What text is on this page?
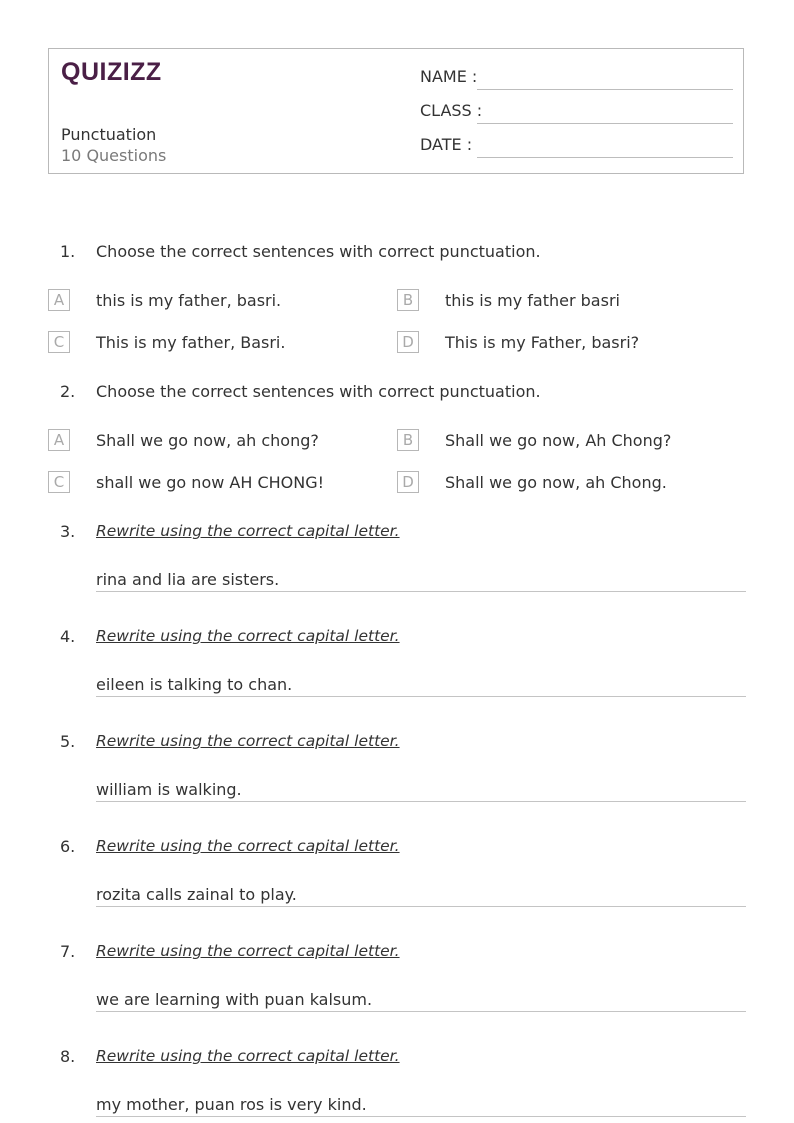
QUIZIZZ
Punctuation
10 Questions
NAME :
CLASS :
DATE :
1. Choose the correct sentences with correct punctuation.
A	this is my father, basri.	B	this is my father basri
C	This is my father, Basri.	D	This is my Father, basri?
2. Choose the correct sentences with correct punctuation.
A	Shall we go now, ah chong?	B	Shall we go now, Ah Chong?
C	shall we go now AH CHONG!	D	Shall we go now, ah Chong.
3. Rewrite using the correct capital letter.
rina and lia are sisters.
4. Rewrite using the correct capital letter.
eileen is talking to chan.
5. Rewrite using the correct capital letter.
william is walking.
6. Rewrite using the correct capital letter.
rozita calls zainal to play.
7. Rewrite using the correct capital letter.
we are learning with puan kalsum.
8. Rewrite using the correct capital letter.
my mother, puan ros is very kind.
